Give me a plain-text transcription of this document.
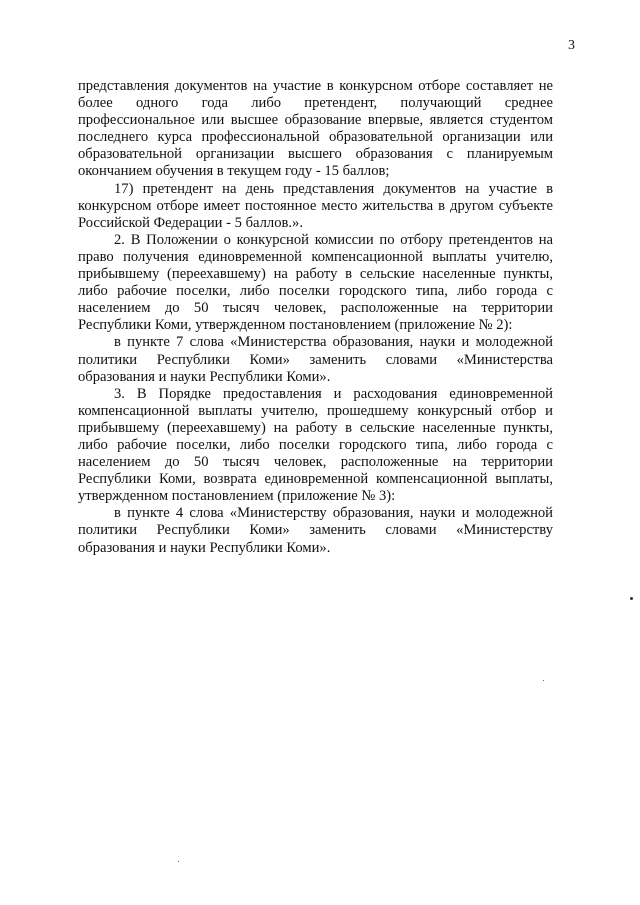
3

представления документов на участие в конкурсном отборе составляет не более одного года либо претендент, получающий среднее профессиональное или высшее образование впервые, является студентом последнего курса профессиональной образовательной организации или образовательной организации высшего образования с планируемым окончанием обучения в текущем году - 15 баллов;

17) претендент на день представления документов на участие в конкурсном отборе имеет постоянное место жительства в другом субъекте Российской Федерации - 5 баллов.».

2. В Положении о конкурсной комиссии по отбору претендентов на право получения единовременной компенсационной выплаты учителю, прибывшему (переехавшему) на работу в сельские населенные пункты, либо рабочие поселки, либо поселки городского типа, либо города с населением до 50 тысяч человек, расположенные на территории Республики Коми, утвержденном постановлением (приложение № 2):

в пункте 7 слова «Министерства образования, науки и молодежной политики Республики Коми» заменить словами «Министерства образования и науки Республики Коми».

3. В Порядке предоставления и расходования единовременной компенсационной выплаты учителю, прошедшему конкурсный отбор и прибывшему (переехавшему) на работу в сельские населенные пункты, либо рабочие поселки, либо поселки городского типа, либо города с населением до 50 тысяч человек, расположенные на территории Республики Коми, возврата единовременной компенсационной выплаты, утвержденном постановлением (приложение № 3):

в пункте 4 слова «Министерству образования, науки и молодежной политики Республики Коми» заменить словами «Министерству образования и науки Республики Коми».
